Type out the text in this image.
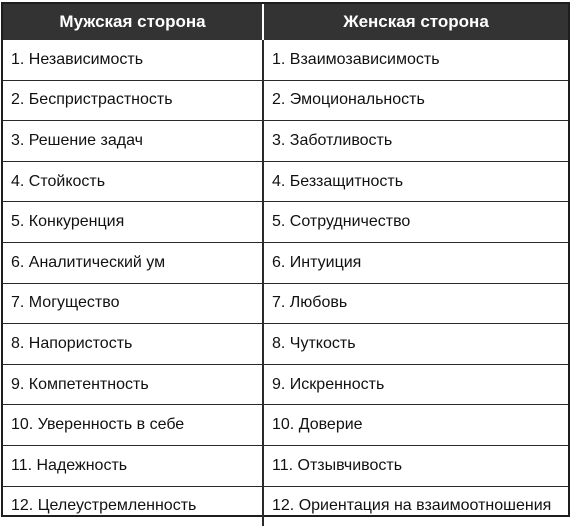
Мужская сторона	Женская сторона
1. Независимость	1. Взаимозависимость
2. Беспристрастность	2. Эмоциональность
3. Решение задач	3. Заботливость
4. Стойкость	4. Беззащитность
5. Конкуренция	5. Сотрудничество
6. Аналитический ум	6. Интуиция
7. Могущество	7. Любовь
8. Напористость	8. Чуткость
9. Компетентность	9. Искренность
10. Уверенность в себе	10. Доверие
11. Надежность	11. Отзывчивость
12. Целеустремленность	12. Ориентация на взаимоотношения
